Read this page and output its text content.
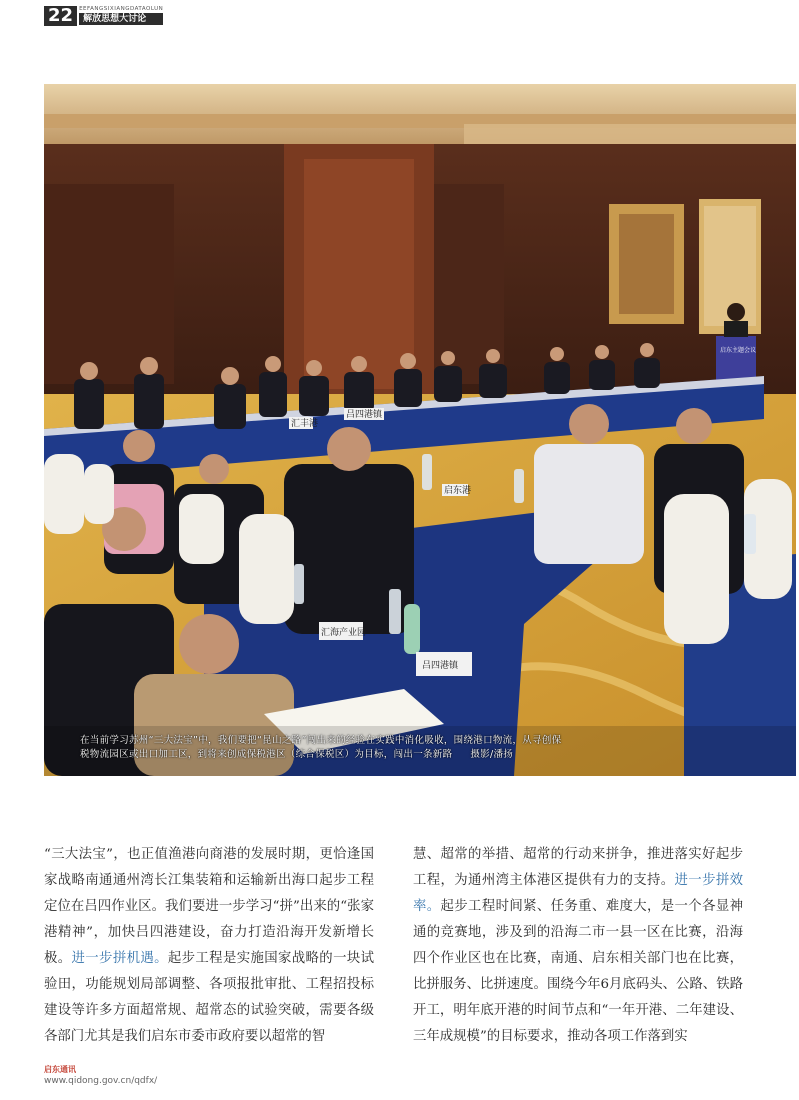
22	EEFANGSIXIANGDATAOLUN
解放思想大讨论
汇丰港
吕四港镇
汇海产业园
吕四港镇
启东港
启东主题会议
在当前学习苏州“三大法宝”中，我们要把“昆山之路”闯出来的经验在实践中消化吸收，围绕港口物流，从寻创保
税物流园区或出口加工区，到将来创成保税港区（综合保税区）为目标，闯出一条新路 摄影/潘扬
“三大法宝”，也正值渔港向商港的发展时期，更恰逢国家战略南通通州湾长江集装箱和运输新出海口起步工程定位在吕四作业区。我们要进一步学习“拼”出来的“张家港精神”，加快吕四港建设，奋力打造沿海开发新增长极。进一步拼机遇。起步工程是实施国家战略的一块试验田，功能规划局部调整、各项报批审批、工程招投标建设等许多方面超常规、超常态的试验突破，需要各级各部门尤其是我们启东市委市政府要以超常的智
慧、超常的举措、超常的行动来拼争，推进落实好起步工程，为通州湾主体港区提供有力的支持。进一步拼效率。起步工程时间紧、任务重、难度大，是一个各显神通的竞赛地，涉及到的沿海二市一县一区在比赛，沿海四个作业区也在比赛，南通、启东相关部门也在比赛，比拼服务、比拼速度。围绕今年6月底码头、公路、铁路开工，明年底开港的时间节点和“一年开港、二年建设、三年成规模”的目标要求，推动各项工作落到实
启东通讯
www.qidong.gov.cn/qdfx/
